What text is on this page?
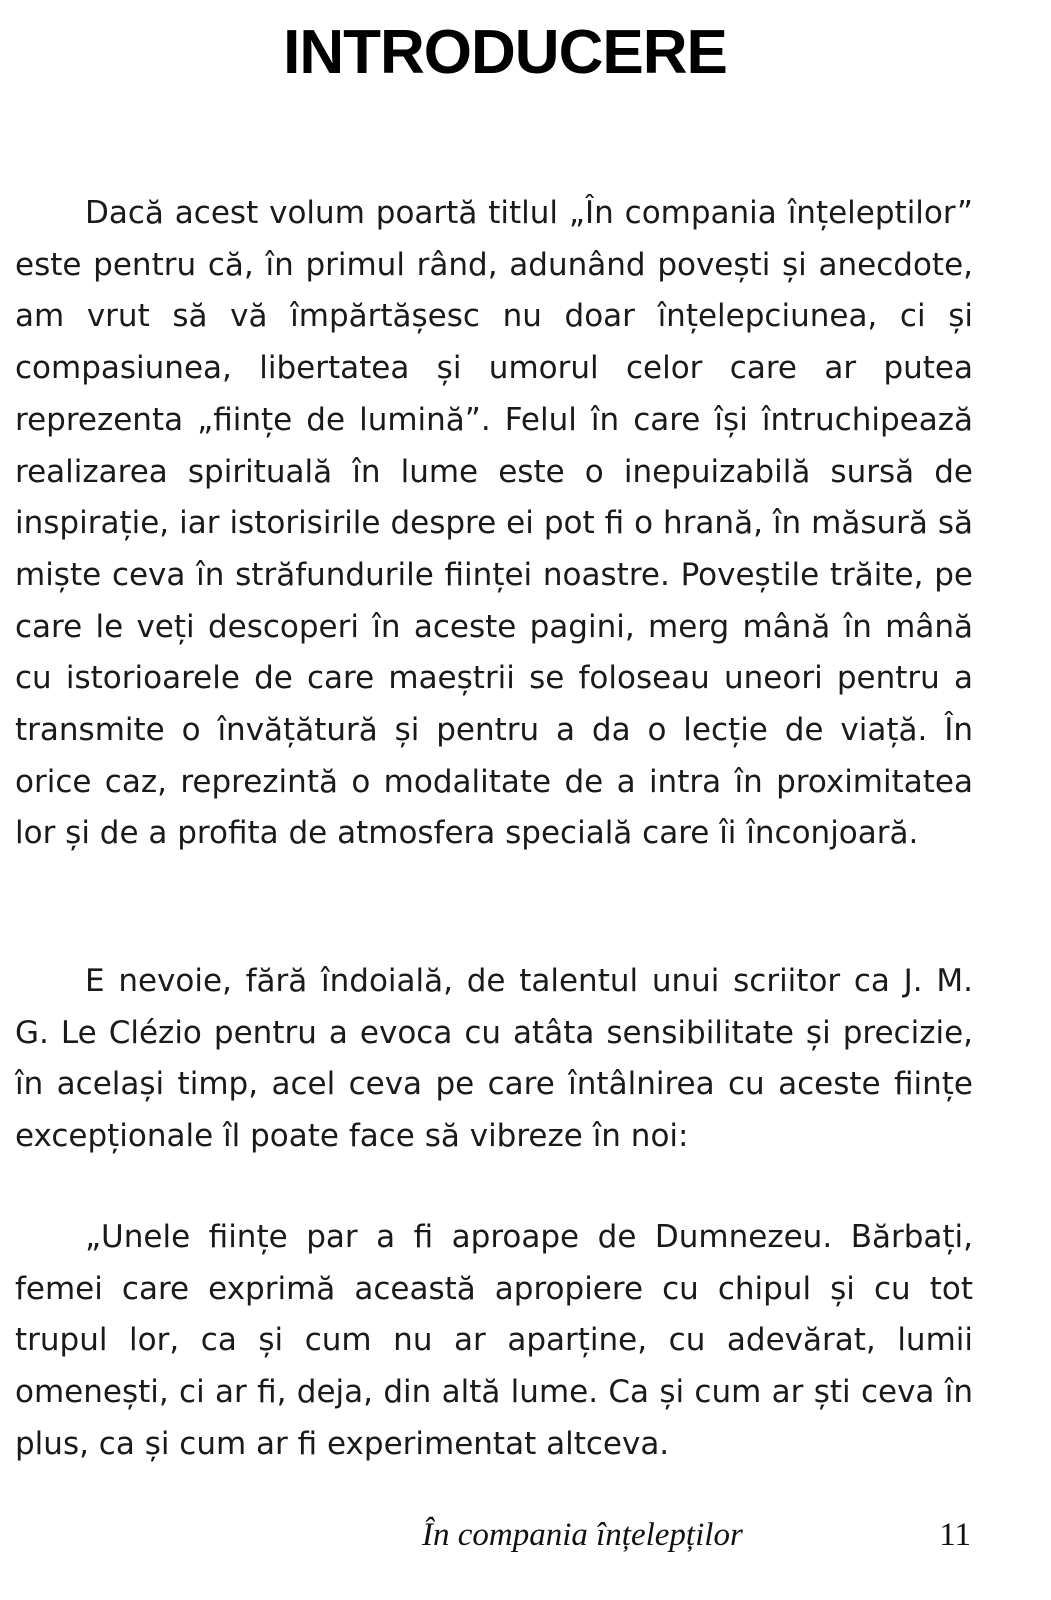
INTRODUCERE

Dacă acest volum poartă titlul „În compania înțeleptilor” este pentru că, în primul rând, adunând povești și anecdote, am vrut să vă împărtășesc nu doar înțelepciunea, ci și compasiunea, libertatea și umorul celor care ar putea reprezenta „ființe de lumină”. Felul în care își întruchipează realizarea spirituală în lume este o inepuizabilă sursă de inspirație, iar istorisirile despre ei pot fi o hrană, în măsură să miște ceva în străfundurile ființei noastre. Poveștile trăite, pe care le veți descoperi în aceste pagini, merg mână în mână cu istorioarele de care maeștrii se foloseau uneori pentru a transmite o învățătură și pentru a da o lecție de viață. În orice caz, reprezintă o modalitate de a intra în proximitatea lor și de a profita de atmosfera specială care îi înconjoară.

E nevoie, fără îndoială, de talentul unui scriitor ca J. M. G. Le Clézio pentru a evoca cu atâta sensibilitate și precizie, în același timp, acel ceva pe care întâlnirea cu aceste ființe excepționale îl poate face să vibreze în noi:

„Unele ființe par a fi aproape de Dumnezeu. Bărbați, femei care exprimă această apropiere cu chipul și cu tot trupul lor, ca și cum nu ar aparține, cu adevărat, lumii omenești, ci ar fi, deja, din altă lume. Ca și cum ar ști ceva în plus, ca și cum ar fi experimentat altceva.

În compania înțelepților	11
